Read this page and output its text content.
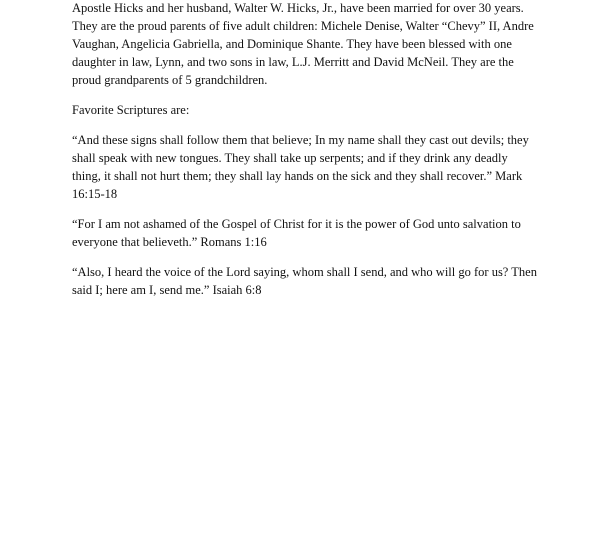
Apostle Hicks and her husband, Walter W. Hicks, Jr., have been married for over 30 years. They are the proud parents of five adult children: Michele Denise, Walter “Chevy” II, Andre Vaughan, Angelicia Gabriella, and Dominique Shante. They have been blessed with one daughter in law, Lynn, and two sons in law, L.J. Merritt and David McNeil. They are the proud grandparents of 5 grandchildren.

Favorite Scriptures are:

“And these signs shall follow them that believe; In my name shall they cast out devils; they shall speak with new tongues. They shall take up serpents; and if they drink any deadly thing, it shall not hurt them; they shall lay hands on the sick and they shall recover.” Mark 16:15-18

“For I am not ashamed of the Gospel of Christ for it is the power of God unto salvation to everyone that believeth.” Romans 1:16

“Also, I heard the voice of the Lord saying, whom shall I send, and who will go for us? Then said I; here am I, send me.” Isaiah 6:8
